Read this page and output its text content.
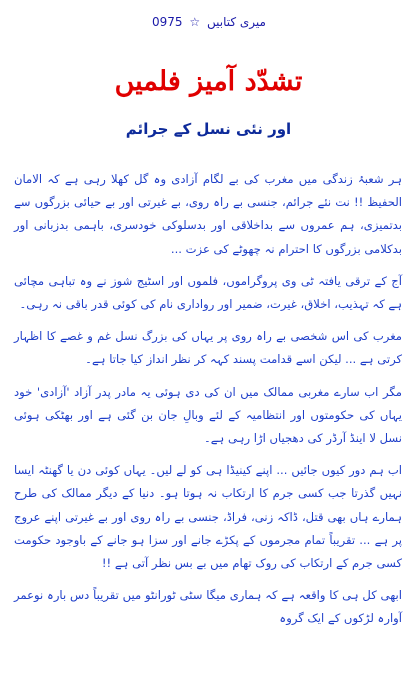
میری کتابیں ☆ 0975
تشدّد آمیز فلمیں
اور نئی نسل کے جرائم

ہر شعبۂ زندگی میں مغرب کی بے لگام آزادی وہ گل کھلا رہی ہے کہ الامان الحفیظ !! نت نئے جرائم، جنسی بے راہ روی، بے غیرتی اور بے حیائی بزرگوں سے بدتمیزی، ہم عمروں سے بداخلاقی اور بدسلوکی خودسری، باہمی بدزبانی اور بدکلامی بزرگوں کا احترام نہ چھوٹے کی عزت ...

آج کے ترقی یافتہ ٹی وی پروگراموں، فلموں اور اسٹیج شوز نے وہ تباہی مچائی ہے کہ تہذیب، اخلاق، غیرت، ضمیر اور رواداری نام کی کوئی قدر باقی نہ رہی۔

مغرب کی اس شخصی بے راہ روی پر یہاں کی بزرگ نسل غم و غصے کا اظہار کرتی ہے ... لیکن اسے قدامت پسند کہہ کر نظر انداز کیا جاتا ہے۔

مگر اب سارے مغربی ممالک میں ان کی دی ہوئی یہ مادر پدر آزاد 'آزادی' خود یہاں کی حکومتوں اور انتظامیہ کے لئے وبالِ جان بن گئی ہے اور بھٹکی ہوئی نسل لا اینڈ آرڈر کی دھجیاں اڑا رہی ہے۔

اب ہم دور کیوں جائیں ... اپنے کینیڈا ہی کو لے لیں۔ یہاں کوئی دن یا گھنٹہ ایسا نہیں گذرتا جب کسی جرم کا ارتکاب نہ ہوتا ہو۔ دنیا کے دیگر ممالک کی طرح ہمارے ہاں بھی قتل، ڈاکہ زنی، فراڈ، جنسی بے راہ روی اور بے غیرتی اپنے عروج پر ہے ... تقریباً تمام مجرموں کے پکڑے جانے اور سزا ہو جانے کے باوجود حکومت کسی جرم کے ارتکاب کی روک تھام میں بے بس نظر آتی ہے !!

ابھی کل ہی کا واقعہ ہے کہ ہماری میگا سٹی ٹورانٹو میں تقریباً دس بارہ نوعمر آوارہ لڑکوں کے ایک گروہ
